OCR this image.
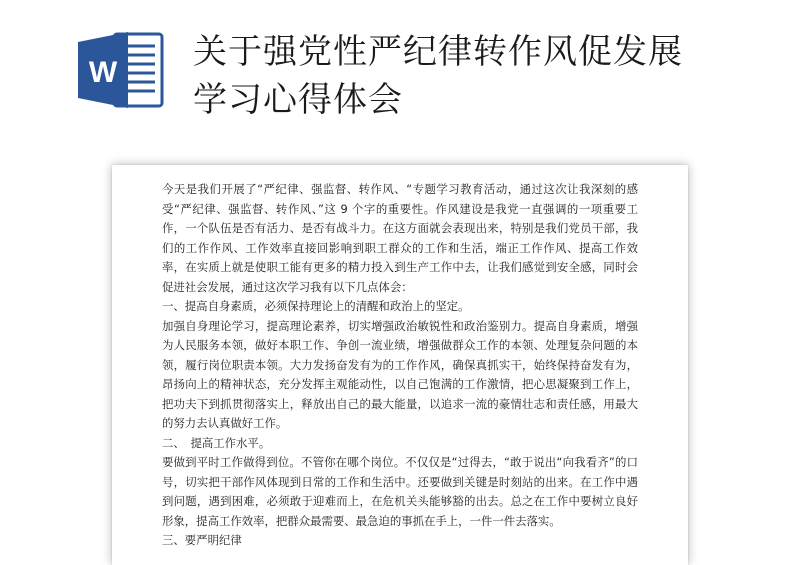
W
关于强党性严纪律转作风促发展
学习心得体会

今天是我们开展了“严纪律、强监督、转作风、“专题学习教育活动，通过这次让我深刻的感受“严纪律、强监督、转作风、”这 9 个字的重要性。作风建设是我党一直强调的一项重要工作，一个队伍是否有活力、是否有战斗力。在这方面就会表现出来，特别是我们党员干部，我们的工作作风、工作效率直接回影响到职工群众的工作和生活，端正工作作风、提高工作效率，在实质上就是使职工能有更多的精力投入到生产工作中去，让我们感觉到安全感，同时会促进社会发展，通过这次学习我有以下几点体会：

一、提高自身素质，必须保持理论上的清醒和政治上的坚定。

加强自身理论学习，提高理论素养，切实增强政治敏锐性和政治鉴别力。提高自身素质，增强为人民服务本领，做好本职工作、争创一流业绩，增强做群众工作的本领、处理复杂问题的本领，履行岗位职责本领。大力发扬奋发有为的工作作风，确保真抓实干，始终保持奋发有为，昂扬向上的精神状态，充分发挥主观能动性，以自己饱满的工作激情，把心思凝聚到工作上，把功夫下到抓贯彻落实上，释放出自己的最大能量，以追求一流的豪情壮志和责任感，用最大的努力去认真做好工作。

二、　提高工作水平。

要做到平时工作做得到位。不管你在哪个岗位。不仅仅是“过得去，“敢于说出“向我看齐”的口号，切实把干部作风体现到日常的工作和生活中。还要做到关键是时刻站的出来。在工作中遇到问题，遇到困难，必须敢于迎难而上，在危机关头能够豁的出去。总之在工作中要树立良好形象，提高工作效率，把群众最需要、最急迫的事抓在手上，一件一件去落实。

三、要严明纪律
